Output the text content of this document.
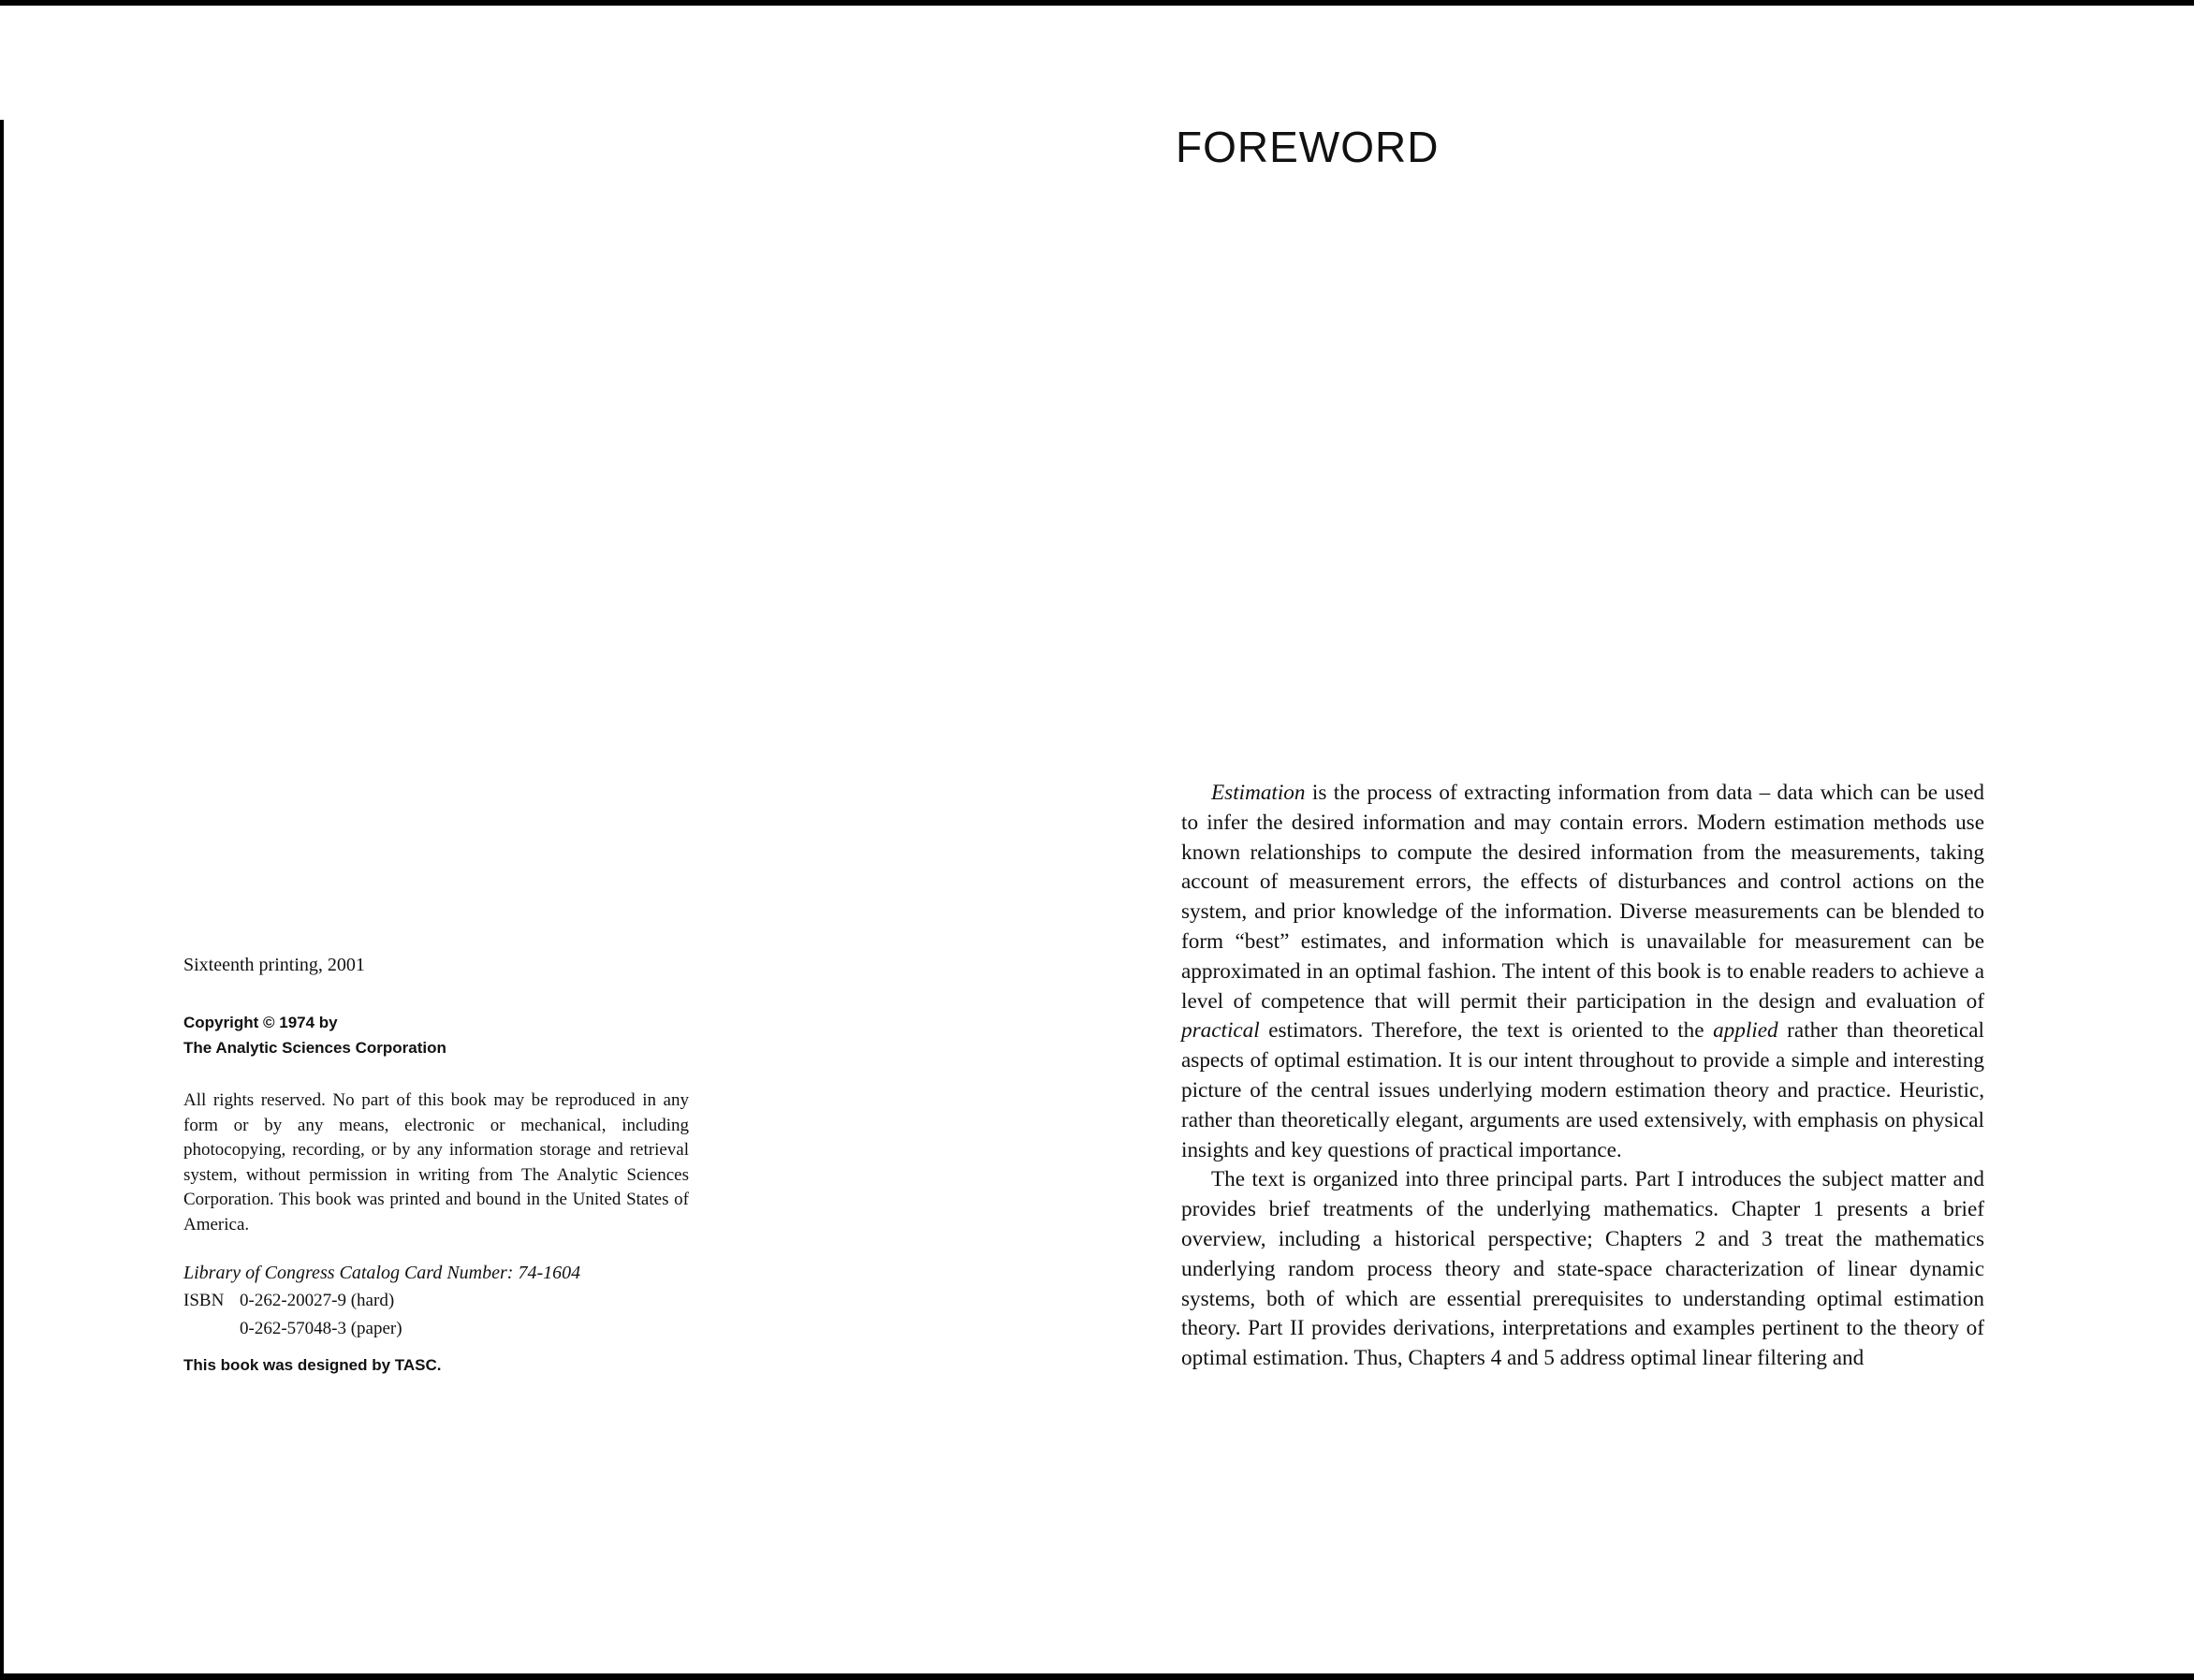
Sixteenth printing, 2001

Copyright © 1974 by
The Analytic Sciences Corporation

All rights reserved. No part of this book may be reproduced in any form or by any means, electronic or mechanical, including photocopying, recording, or by any information storage and retrieval system, without permission in writing from The Analytic Sciences Corporation. This book was printed and bound in the United States of America.

Library of Congress Catalog Card Number: 74-1604

ISBN 0-262-20027-9 (hard)
0-262-57048-3 (paper)

This book was designed by TASC.

FOREWORD

Estimation is the process of extracting information from data – data which can be used to infer the desired information and may contain errors. Modern estimation methods use known relationships to compute the desired information from the measurements, taking account of measurement errors, the effects of disturbances and control actions on the system, and prior knowledge of the information. Diverse measurements can be blended to form “best” estimates, and information which is unavailable for measurement can be approximated in an optimal fashion. The intent of this book is to enable readers to achieve a level of competence that will permit their participation in the design and evaluation of practical estimators. Therefore, the text is oriented to the applied rather than theoretical aspects of optimal estimation. It is our intent throughout to provide a simple and interesting picture of the central issues underlying modern estimation theory and practice. Heuristic, rather than theoretically elegant, arguments are used extensively, with emphasis on physical insights and key questions of practical importance.

The text is organized into three principal parts. Part I introduces the subject matter and provides brief treatments of the underlying mathematics. Chapter 1 presents a brief overview, including a historical perspective; Chapters 2 and 3 treat the mathematics underlying random process theory and state-space characterization of linear dynamic systems, both of which are essential prerequisites to understanding optimal estimation theory. Part II provides derivations, interpretations and examples pertinent to the theory of optimal estimation. Thus, Chapters 4 and 5 address optimal linear filtering and
